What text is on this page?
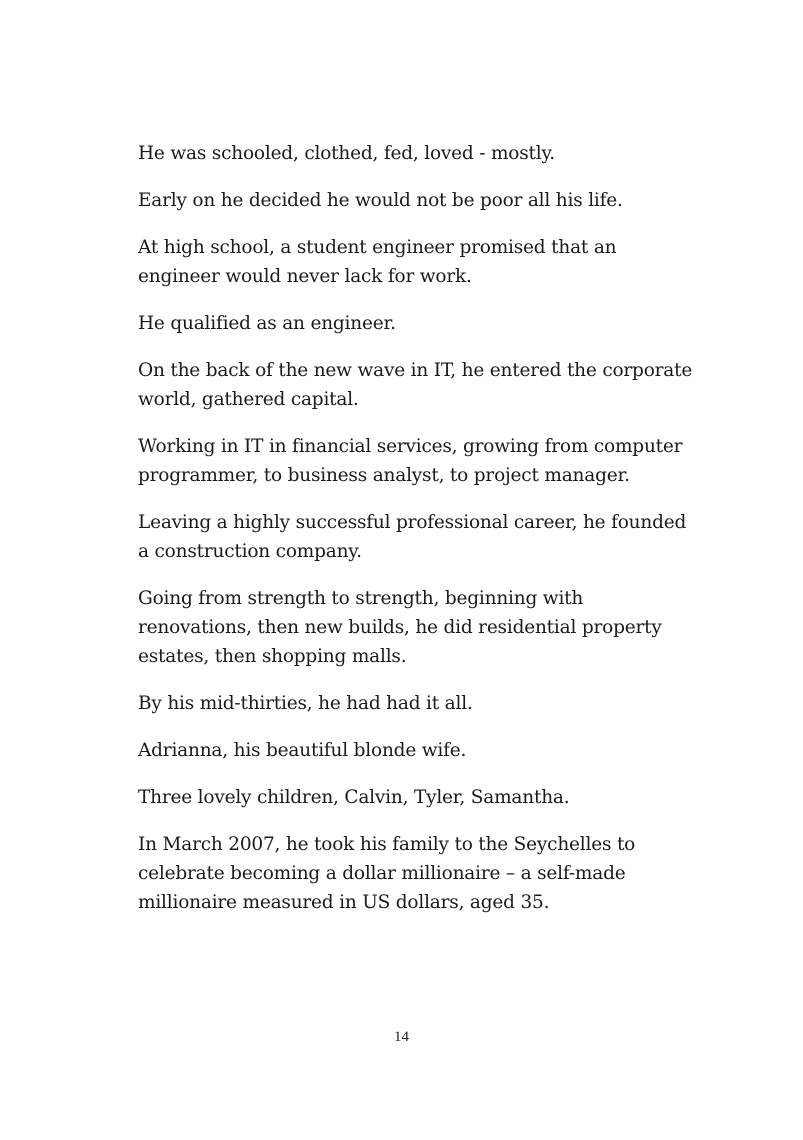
He was schooled, clothed, fed, loved - mostly.

Early on he decided he would not be poor all his life.

At high school, a student engineer promised that an engineer would never lack for work.

He qualified as an engineer.

On the back of the new wave in IT, he entered the corporate world, gathered capital.

Working in IT in financial services, growing from computer programmer, to business analyst, to project manager.

Leaving a highly successful professional career, he founded a construction company.

Going from strength to strength, beginning with renovations, then new builds, he did residential property estates, then shopping malls.

By his mid-thirties, he had had it all.

Adrianna, his beautiful blonde wife.

Three lovely children, Calvin, Tyler, Samantha.

In March 2007, he took his family to the Seychelles to celebrate becoming a dollar millionaire – a self-made millionaire measured in US dollars, aged 35.

14
